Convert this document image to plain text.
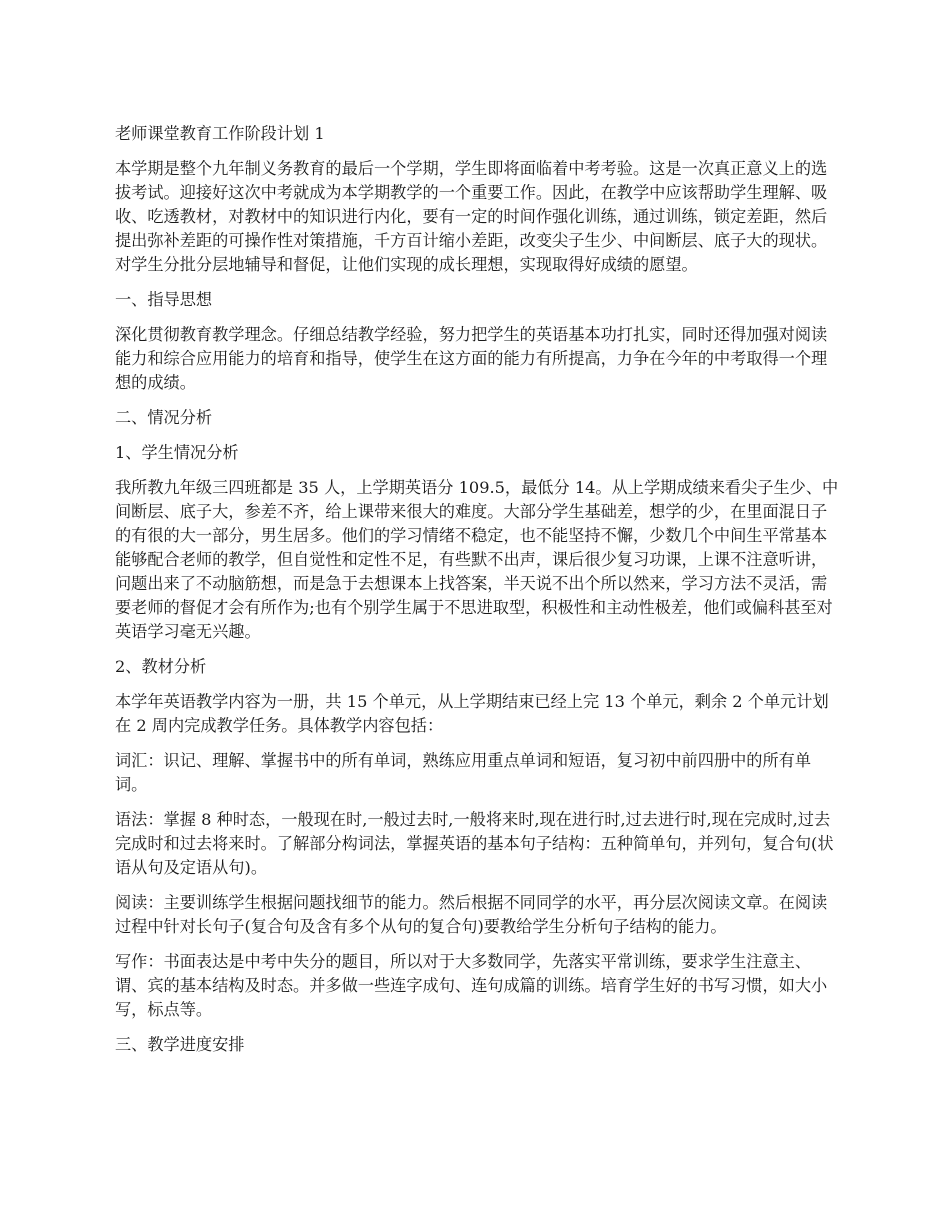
老师课堂教育工作阶段计划 1

本学期是整个九年制义务教育的最后一个学期，学生即将面临着中考考验。这是一次真正意义上的选拔考试。迎接好这次中考就成为本学期教学的一个重要工作。因此，在教学中应该帮助学生理解、吸收、吃透教材，对教材中的知识进行内化，要有一定的时间作强化训练，通过训练，锁定差距，然后提出弥补差距的可操作性对策措施，千方百计缩小差距，改变尖子生少、中间断层、底子大的现状。对学生分批分层地辅导和督促，让他们实现的成长理想，实现取得好成绩的愿望。

一、指导思想

深化贯彻教育教学理念。仔细总结教学经验，努力把学生的英语基本功打扎实，同时还得加强对阅读能力和综合应用能力的培育和指导，使学生在这方面的能力有所提高，力争在今年的中考取得一个理想的成绩。

二、情况分析

1、学生情况分析

我所教九年级三四班都是 35 人，上学期英语分 109.5，最低分 14。从上学期成绩来看尖子生少、中间断层、底子大，参差不齐，给上课带来很大的难度。大部分学生基础差，想学的少，在里面混日子的有很的大一部分，男生居多。他们的学习情绪不稳定，也不能坚持不懈，少数几个中间生平常基本能够配合老师的教学，但自觉性和定性不足，有些默不出声，课后很少复习功课，上课不注意听讲，问题出来了不动脑筋想，而是急于去想课本上找答案，半天说不出个所以然来，学习方法不灵活，需要老师的督促才会有所作为;也有个别学生属于不思进取型，积极性和主动性极差，他们或偏科甚至对英语学习毫无兴趣。

2、教材分析

本学年英语教学内容为一册，共 15 个单元，从上学期结束已经上完 13 个单元，剩余 2 个单元计划在 2 周内完成教学任务。具体教学内容包括：

词汇：识记、理解、掌握书中的所有单词，熟练应用重点单词和短语，复习初中前四册中的所有单词。

语法：掌握 8 种时态，一般现在时,一般过去时,一般将来时,现在进行时,过去进行时,现在完成时,过去完成时和过去将来时。了解部分构词法，掌握英语的基本句子结构：五种简单句，并列句，复合句(状语从句及定语从句)。

阅读：主要训练学生根据问题找细节的能力。然后根据不同同学的水平，再分层次阅读文章。在阅读过程中针对长句子(复合句及含有多个从句的复合句)要教给学生分析句子结构的能力。

写作：书面表达是中考中失分的题目，所以对于大多数同学，先落实平常训练，要求学生注意主、谓、宾的基本结构及时态。并多做一些连字成句、连句成篇的训练。培育学生好的书写习惯，如大小写，标点等。

三、教学进度安排
